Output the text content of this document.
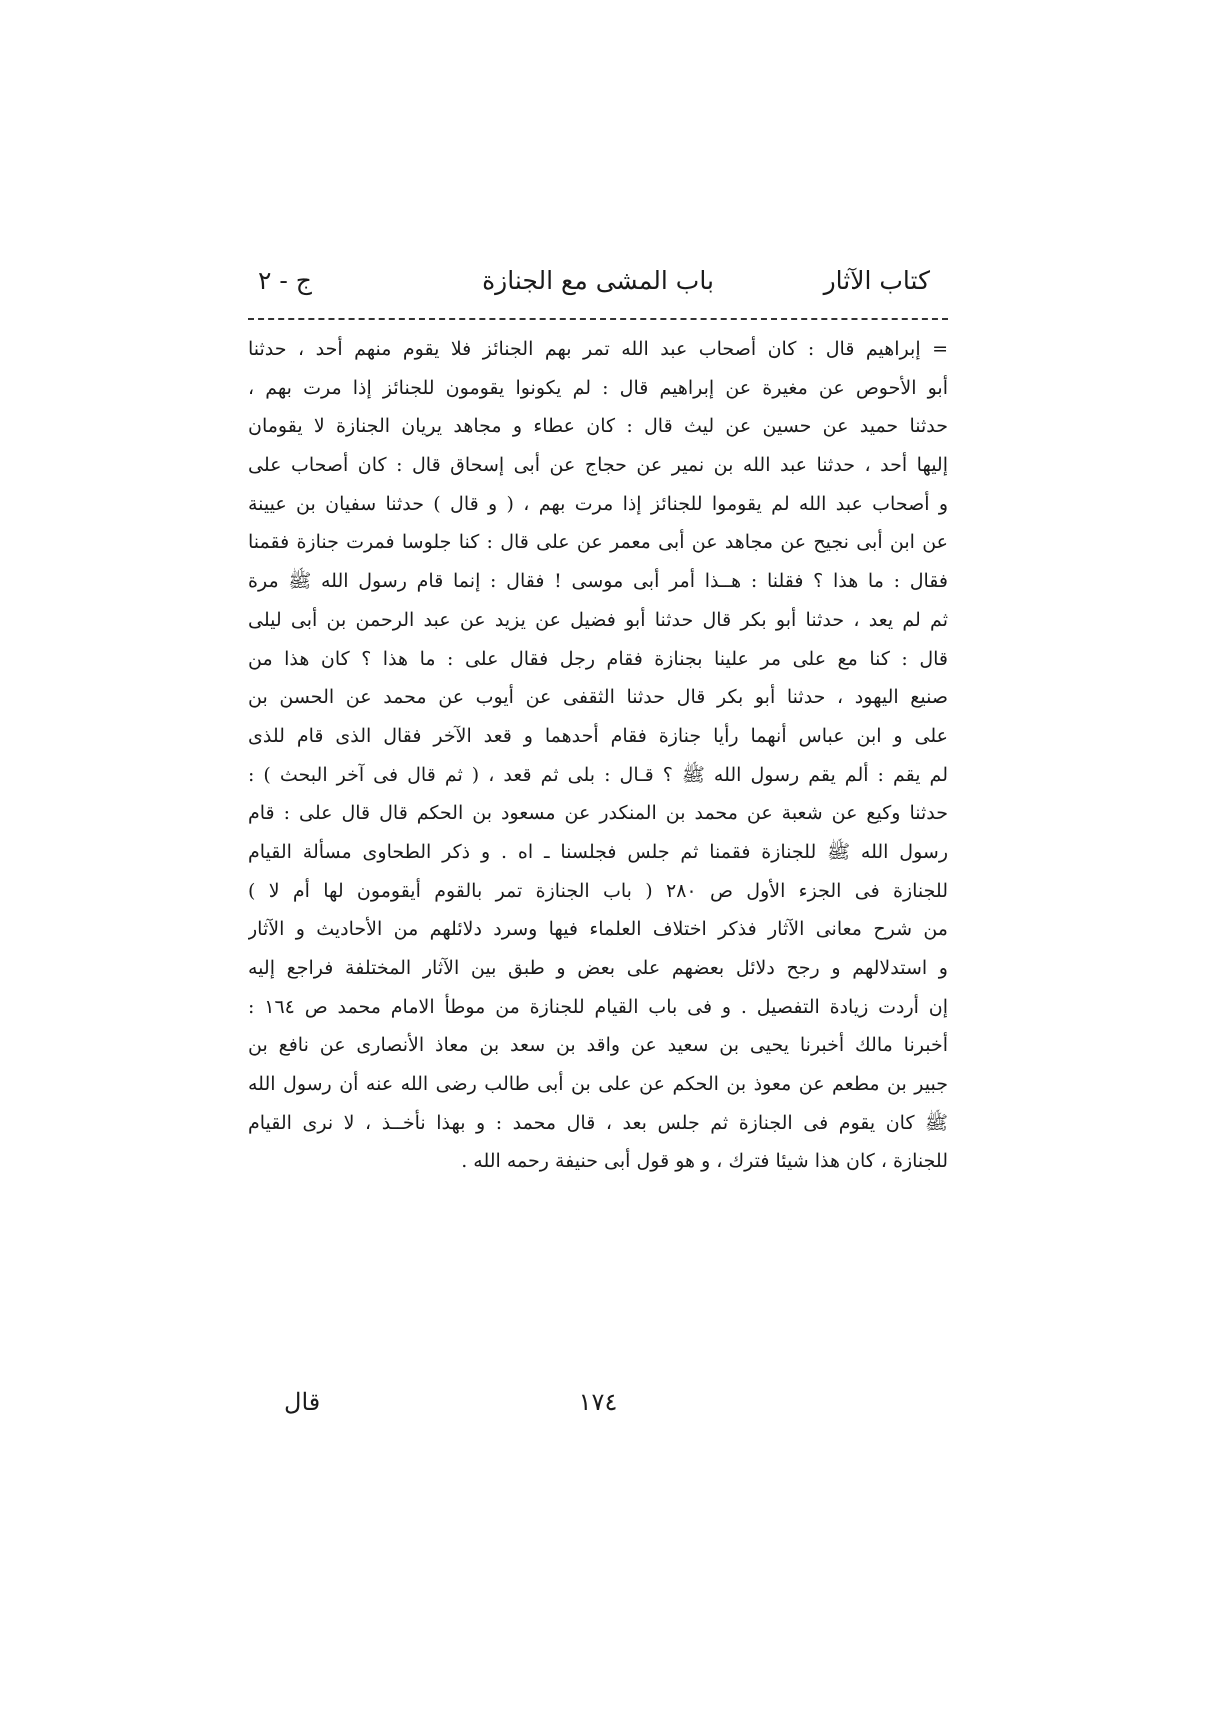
كتاب الآثار
باب المشى مع الجنازة
ج - ٢
= إبراهيم قال : كان أصحاب عبد الله تمر بهم الجنائز فلا يقوم منهم أحد ، حدثنا
أبو الأحوص عن مغيرة عن إبراهيم قال : لم يكونوا يقومون للجنائز إذا مرت بهم ،
حدثنا حميد عن حسين عن ليث قال : كان عطاء و مجاهد يريان الجنازة لا يقومان
إليها أحد ، حدثنا عبد الله بن نمير عن حجاج عن أبى إسحاق قال : كان أصحاب على
و أصحاب عبد الله لم يقوموا للجنائز إذا مرت بهم ، ( و قال ) حدثنا سفيان بن عيينة
عن ابن أبى نجيح عن مجاهد عن أبى معمر عن على قال : كنا جلوسا فمرت جنازة فقمنا
فقال : ما هذا ؟ فقلنا : هــذا أمر أبى موسى ! فقال : إنما قام رسول الله ﷺ مرة
ثم لم يعد ، حدثنا أبو بكر قال حدثنا أبو فضيل عن يزيد عن عبد الرحمن بن أبى ليلى
قال : كنا مع على مر علينا بجنازة فقام رجل فقال على : ما هذا ؟ كان هذا من
صنيع اليهود ، حدثنا أبو بكر قال حدثنا الثقفى عن أيوب عن محمد عن الحسن بن
على و ابن عباس أنهما رأيا جنازة فقام أحدهما و قعد الآخر فقال الذى قام للذى
لم يقم : ألم يقم رسول الله ﷺ ؟ قـال : بلى ثم قعد ، ( ثم قال فى آخر البحث ) :
حدثنا وكيع عن شعبة عن محمد بن المنكدر عن مسعود بن الحكم قال قال على : قام
رسول الله ﷺ للجنازة فقمنا ثم جلس فجلسنا ـ اه . و ذكر الطحاوى مسألة القيام
للجنازة فى الجزء الأول ص ٢٨٠ ( باب الجنازة تمر بالقوم أيقومون لها أم لا )
من شرح معانى الآثار فذكر اختلاف العلماء فيها وسرد دلائلهم من الأحاديث و الآثار
و استدلالهم و رجح دلائل بعضهم على بعض و طبق بين الآثار المختلفة فراجع إليه
إن أردت زيادة التفصيل . و فى باب القيام للجنازة من موطأ الامام محمد ص ١٦٤ :
أخبرنا مالك أخبرنا يحيى بن سعيد عن واقد بن سعد بن معاذ الأنصارى عن نافع بن
جبير بن مطعم عن معوذ بن الحكم عن على بن أبى طالب رضى الله عنه أن رسول الله
ﷺ كان يقوم فى الجنازة ثم جلس بعد ، قال محمد : و بهذا نأخــذ ، لا نرى القيام
للجنازة ، كان هذا شيئا فترك ، و هو قول أبى حنيفة رحمه الله .
١٧٤
قال
